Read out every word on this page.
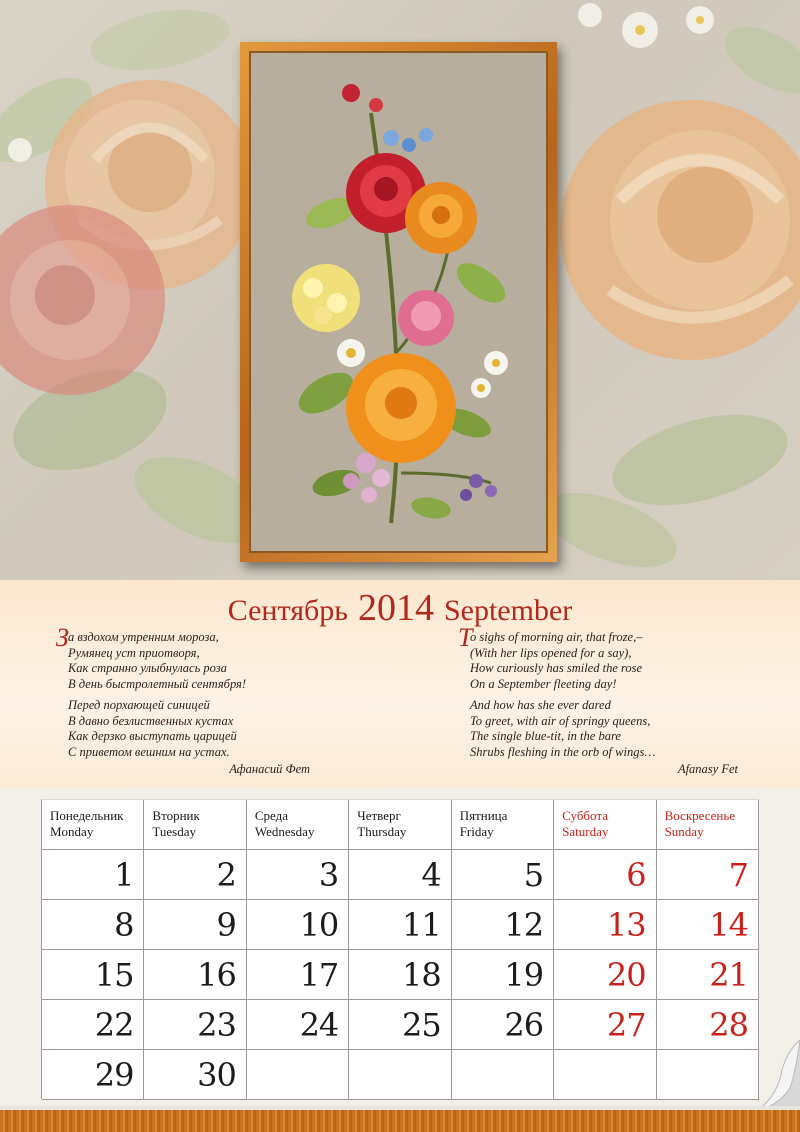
Сентябрь 2014 September
З а вздохом утренним мороза,
Румянец уст приотворя,
Как странно улыбнулась роза
В день быстролетный сентября!
Перед порхающей синицей
В давно безлиственных кустах
Как дерзко выступать царицей
С приветом вешним на устах.
Афанасий Фет
T
o sighs of morning air, that froze,–
(With her lips opened for a say),
How curiously has smiled the rose
On a September fleeting day!
And how has she ever dared
To greet, with air of springy queens,
The single blue-tit, in the bare
Shrubs fleshing in the orb of wings…
Afanasy Fet
Понедельник
Monday
Вторник
Tuesday
Среда
Wednesday
Четверг
Thursday
Пятница
Friday
Суббота
Saturday
Воскресенье
Sunday
1	2	3	4	5	6	7
8	9 10 11 12 13 14
15 16 17 18 19 20 21
22 23 24 25 26 27 28
29 30
